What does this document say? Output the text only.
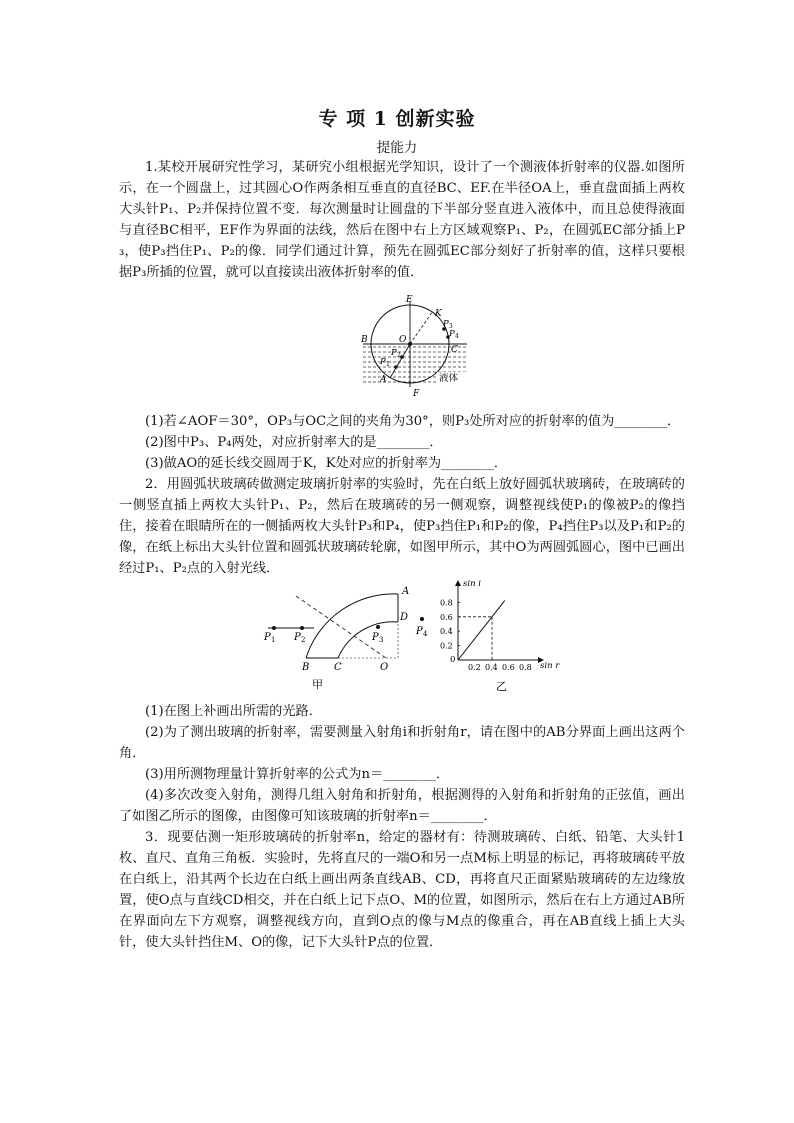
专 项 1 创新实验
提能力

1.某校开展研究性学习，某研究小组根据光学知识，设计了一个测液体折射率的仪器.如图所示，在一个圆盘上，过其圆心O作两条相互垂直的直径BC、EF.在半径OA上，垂直盘面插上两枚大头针P₁、P₂并保持位置不变．每次测量时让圆盘的下半部分竖直进入液体中，而且总使得液面与直径BC相平，EF作为界面的法线，然后在图中右上方区域观察P₁、P₂，在圆弧EC部分插上P₃，使P₃挡住P₁、P₂的像．同学们通过计算，预先在圆弧EC部分刻好了折射率的值，这样只要根据P₃所插的位置，就可以直接读出液体折射率的值．

E
K
P 3
P 4
B	O
C
P 2
P 1
A
F
液体

(1)若∠AOF＝30°，OP₃与OC之间的夹角为30°，则P₃处所对应的折射率的值为________．

(2)图中P₃、P₄两处，对应折射率大的是________．

(3)做AO的延长线交圆周于K，K处对应的折射率为________．

2．用圆弧状玻璃砖做测定玻璃折射率的实验时，先在白纸上放好圆弧状玻璃砖，在玻璃砖的一侧竖直插上两枚大头针P₁、P₂，然后在玻璃砖的另一侧观察，调整视线使P₁的像被P₂的像挡住，接着在眼睛所在的一侧插两枚大头针P₃和P₄，使P₃挡住P₁和P₂的像，P₄挡住P₃以及P₁和P₂的像，在纸上标出大头针位置和圆弧状玻璃砖轮廓，如图甲所示，其中O为两圆弧圆心，图中已画出经过P₁、P₂点的入射光线．

A
D
P 1 P 2	P 3
P 4
B C	O
甲
sin i
sin r
0
0.2
0.4
0.6
0.8
0.2 0.4 0.6 0.8
乙

(1)在图上补画出所需的光路．

(2)为了测出玻璃的折射率，需要测量入射角i和折射角r，请在图中的AB分界面上画出这两个角．

(3)用所测物理量计算折射率的公式为n＝________．

(4)多次改变入射角，测得几组入射角和折射角，根据测得的入射角和折射角的正弦值，画出了如图乙所示的图像，由图像可知该玻璃的折射率n＝________．

3．现要估测一矩形玻璃砖的折射率n，给定的器材有：待测玻璃砖、白纸、铅笔、大头针1枚、直尺、直角三角板．实验时，先将直尺的一端O和另一点M标上明显的标记，再将玻璃砖平放在白纸上，沿其两个长边在白纸上画出两条直线AB、CD，再将直尺正面紧贴玻璃砖的左边缘放置，使O点与直线CD相交，并在白纸上记下点O、M的位置，如图所示，然后在右上方通过AB所在界面向左下方观察，调整视线方向，直到O点的像与M点的像重合，再在AB直线上插上大头针，使大头针挡住M、O的像，记下大头针P点的位置．
